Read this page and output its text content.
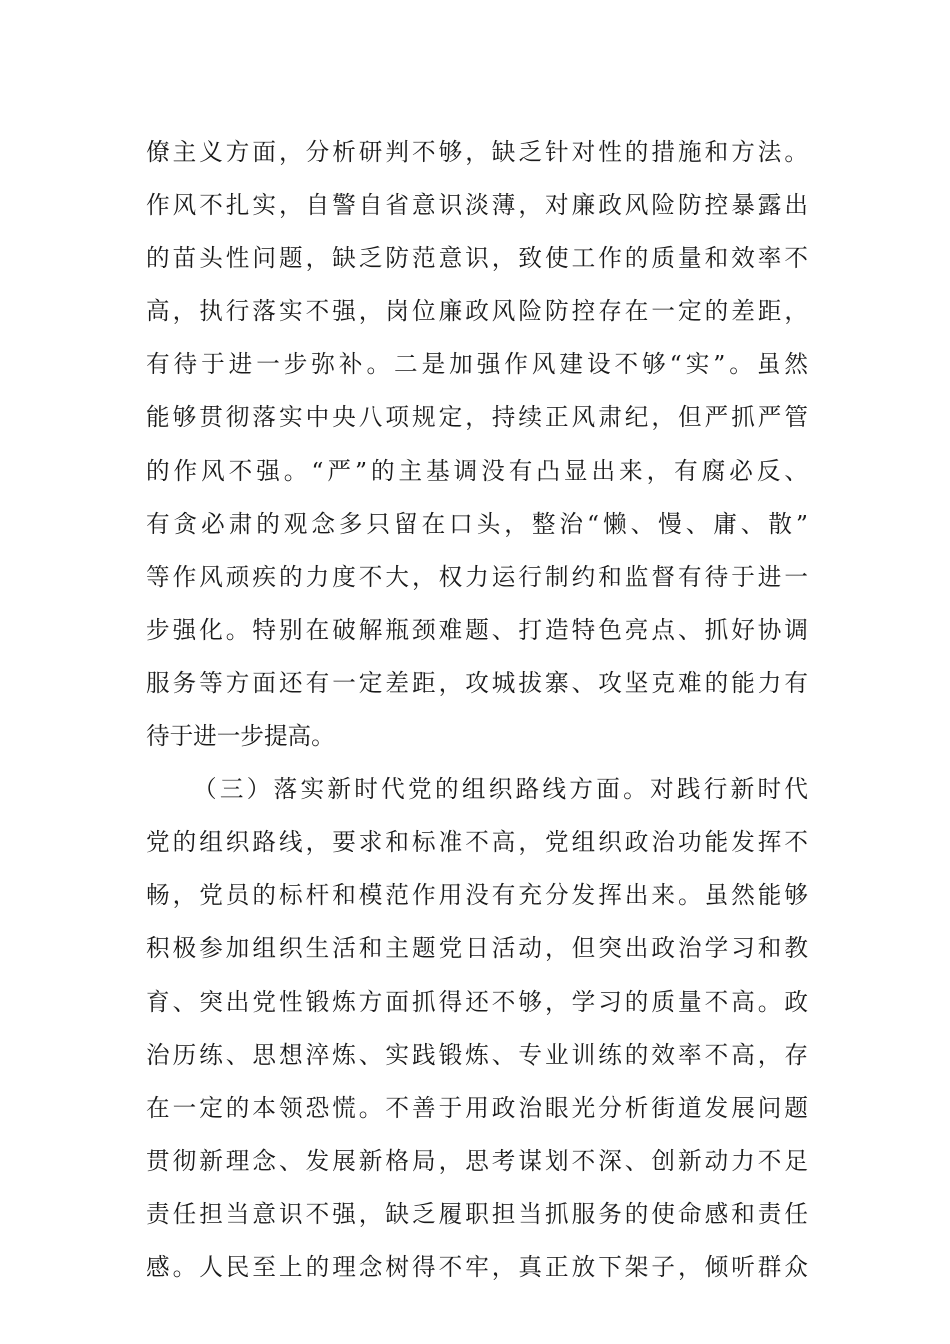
僚主义方面，分析研判不够，缺乏针对性的措施和方法。
作风不扎实，自警自省意识淡薄，对廉政风险防控暴露出
的苗头性问题，缺乏防范意识，致使工作的质量和效率不
高，执行落实不强，岗位廉政风险防控存在一定的差距，
有待于进一步弥补。二是加强作风建设不够“实”。虽然
能够贯彻落实中央八项规定，持续正风肃纪，但严抓严管
的作风不强。“严”的主基调没有凸显出来，有腐必反、
有贪必肃的观念多只留在口头，整治“懒、慢、庸、散”
等作风顽疾的力度不大，权力运行制约和监督有待于进一
步强化。特别在破解瓶颈难题、打造特色亮点、抓好协调
服务等方面还有一定差距，攻城拔寨、攻坚克难的能力有
待于进一步提高。
（三）落实新时代党的组织路线方面。对践行新时代
党的组织路线，要求和标准不高，党组织政治功能发挥不
畅，党员的标杆和模范作用没有充分发挥出来。虽然能够
积极参加组织生活和主题党日活动，但突出政治学习和教
育、突出党性锻炼方面抓得还不够，学习的质量不高。政
治历练、思想淬炼、实践锻炼、专业训练的效率不高，存
在一定的本领恐慌。不善于用政治眼光分析街道发展问题
贯彻新理念、发展新格局，思考谋划不深、创新动力不足
责任担当意识不强，缺乏履职担当抓服务的使命感和责任
感。人民至上的理念树得不牢，真正放下架子，倾听群众
